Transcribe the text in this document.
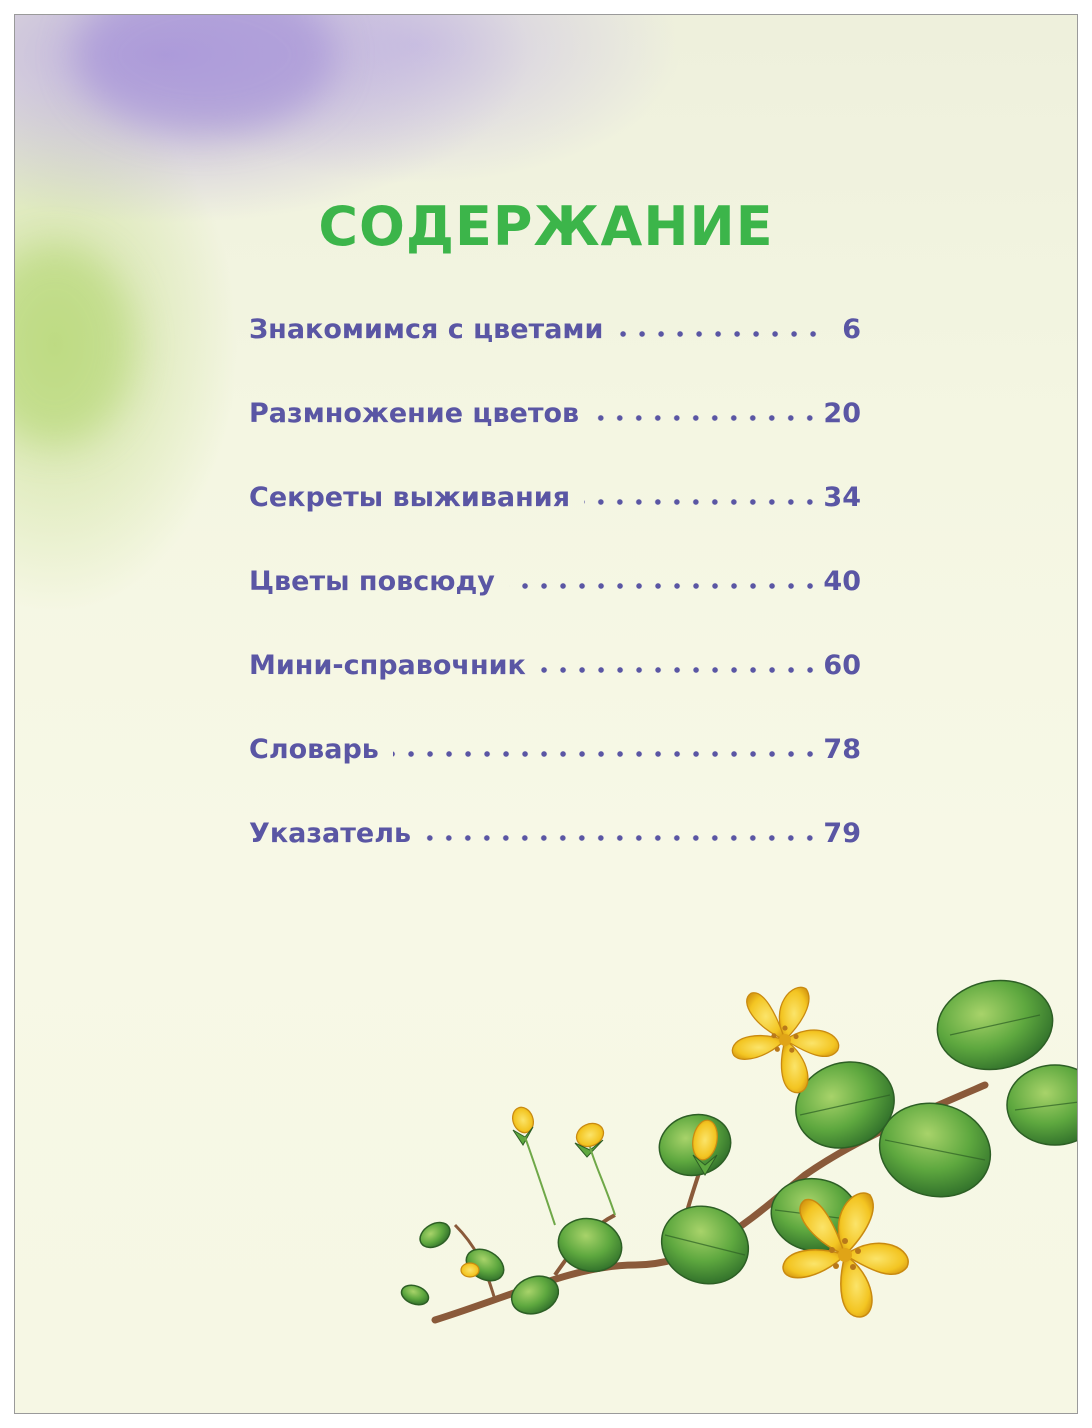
СОДЕРЖАНИЕ
Знакомимся с цветами	6
Размножение цветов	20
Секреты выживания	34
Цветы повсюду	40
Мини-справочник	60
Словарь	78
Указатель	79
